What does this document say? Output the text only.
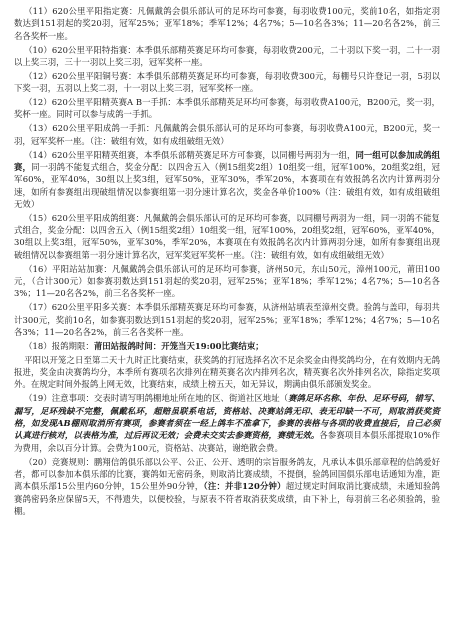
（11）620公里平阳指定赛：凡佩戴鸽会俱乐部认可的足环均可参赛，每羽收费100元，奖前10名，如指定羽数达到151羽起的奖20羽，冠军25%；亚军18%；季军12%；4名7%；5—10名各3%；11—20名各2%，前三名各奖杯一座。

（10）620公里平阳特指赛：本季俱乐部精英赛足环均可参赛，每羽收费200元，二十羽以下奖一羽，二十一羽以上奖三羽，三十一羽以上奖三羽，冠军奖杯一座。

（12）620公里平阳铜号赛：本季俱乐部精英赛足环均可参赛，每羽收费300元，每棚号只许登记一羽，5羽以下奖一羽，五羽以上奖二羽，十一羽以上奖三羽，冠军奖杯一座。

（12）620公里平阳精英赛A B一手抓：本季俱乐部精英足环均可参赛，每羽收费A100元，B200元，奖一羽，奖杯一座。同时可以参与成鸽一手抓。

（13）620公里平阳成鸽一手抓：凡佩戴鸽会俱乐部认可的足环均可参赛，每羽收费A100元，B200元，奖一羽，冠军奖杯一座。（注：破组有效，如有成组破组无效）

（14）620公里平阳精英组赛，本季俱乐部精英赛足环方可参赛，以同棚号两羽为一组，同一组可以参加成鸽组赛，同一羽鸽不能复式组合，奖金分配：以四舍五入（例15组奖2组）10组奖一组，冠军100%，20组奖2组，冠军60%，亚军40%，30组以上奖3组，冠军50%，亚军30%，季军20%，本赛项在有效报鸽名次内计算两羽分速，如所有参赛组出现破组情况以参赛组第一羽分速计算名次，奖金各单价100%（注：破组有效，如有成组破组无效）

（15）620公里平阳成鸽组赛：凡佩戴鸽会俱乐部认可的足环均可参赛，以同棚号两羽为一组，同一羽鸽不能复式组合，奖金分配：以四舍五入（例15组奖2组）10组奖一组，冠军100%，20组奖2组，冠军60%，亚军40%，30组以上奖3组，冠军50%，亚军30%，季军20%，本赛项在有效报鸽名次内计算两羽分速，如所有参赛组出现破组情况以参赛组第一羽分速计算名次，冠军奖冠军奖杯一座。（注：破组有效，如有成组破组无效）

（16）平阳站站加赛：凡佩戴鸽会俱乐部认可的足环均可参赛，济州50元，东山50元，漳州100元，莆田100元，（合计300元）如参赛羽数达到151羽起的奖20羽，冠军25%；亚军18%；季军12%；4名7%；5—10名各3%；11—20名各2%，前三名各奖杯一座。

（17）620公里平阳多关赛：本季俱乐部精英赛足环均可参赛，从济州站填表至漳州交费。验鸽与盖印，每羽共计300元，奖前10名，如参赛羽数达到151羽起的奖20羽，冠军25%；亚军18%；季军12%；4名7%；5—10名各3%；11—20名各2%，前三名各奖杯一座。

（18）报鸽期限：莆田站报鸽时间：开笼当天19:00比赛结束；

平阳以开笼之日至第二天十九时正比赛结束，获奖鸽的打冠选择名次不足余奖金由得奖鸽均分，在有效期内无鸽报进，奖金由决赛鸽均分，本季所有赛项名次排列在精英赛名次内排列名次，精英赛名次外排列名次，除指定奖项外。在规定时间外报鸽上网无效，比赛结束，成绩上榜五天，如无异议，期满由俱乐部颁发奖金。

（19）注意事项：交表时请写明鸽棚地址所在地的区、街道社区地址（赛鸽足环名称、年份、足环号码，错写、漏写，足环残缺不完整，佩戴私环，超赔虽联系电话，资格站、决赛站鸽无印、表无印缺一不可，则取消获奖资格，如发现AB棚则取消所有赛项，参赛者须在一经上鸽车不准拿下，参赛的表格与各项的收费直接后，自己必须认真进行核对，以表格为准，过后再议无效；会费未交实去参赛资格，赛绩无效。各参赛项目本俱乐部提取10%作为费用，余以百分计算。会费为100元，资格站、决赛站，谢绝散会费。

（20）竞赛规则：鹏翔信鸽俱乐部以公平、公正、公开、透明的宗旨服务鸽友，凡承认本俱乐部章程的信鸽爱好者，都可以参加本俱乐部的比赛，赛鸽如无密码条，则取消比赛成绩，不提倒，验鸽回国俱乐部电话通知为准，距离本俱乐部15公里内60分钟，15公里外90分钟，（注：并非120分钟）超过规定时间取消比赛成绩，未通知验鸽赛鸽密码条应保留5天，不得遗失，以便校验，与原表不符者取消获奖成绩，由下补上，每羽前三名必须验鸽，验棚。
